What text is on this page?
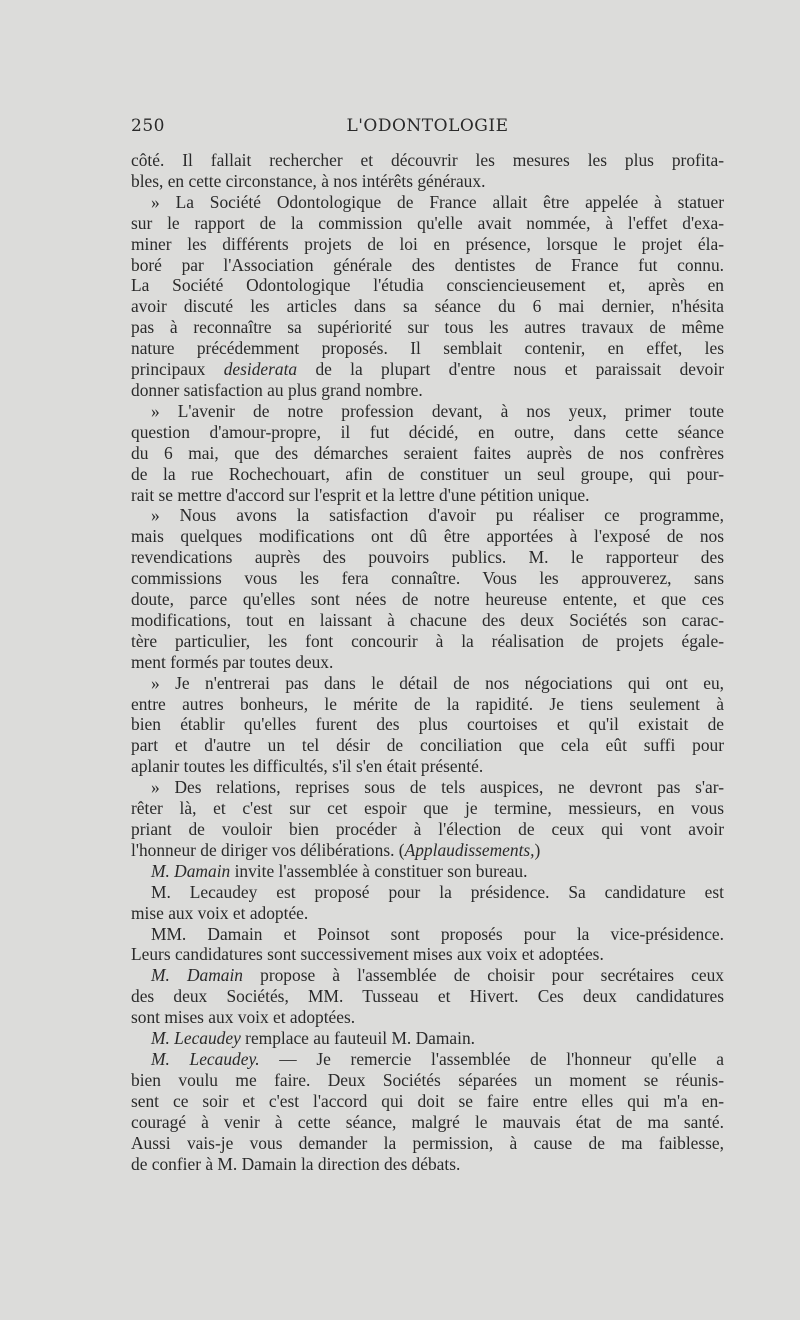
250	L'ODONTOLOGIE
côté. Il fallait rechercher et découvrir les mesures les plus profita-
bles, en cette circonstance, à nos intérêts généraux.
» La Société Odontologique de France allait être appelée à statuer
sur le rapport de la commission qu'elle avait nommée, à l'effet d'exa-
miner les différents projets de loi en présence, lorsque le projet éla-
boré par l'Association générale des dentistes de France fut connu.
La Société Odontologique l'étudia consciencieusement et, après en
avoir discuté les articles dans sa séance du 6 mai dernier, n'hésita
pas à reconnaître sa supériorité sur tous les autres travaux de même
nature précédemment proposés. Il semblait contenir, en effet, les
principaux desiderata de la plupart d'entre nous et paraissait devoir
donner satisfaction au plus grand nombre.
» L'avenir de notre profession devant, à nos yeux, primer toute
question d'amour-propre, il fut décidé, en outre, dans cette séance
du 6 mai, que des démarches seraient faites auprès de nos confrères
de la rue Rochechouart, afin de constituer un seul groupe, qui pour-
rait se mettre d'accord sur l'esprit et la lettre d'une pétition unique.
» Nous avons la satisfaction d'avoir pu réaliser ce programme,
mais quelques modifications ont dû être apportées à l'exposé de nos
revendications auprès des pouvoirs publics. M. le rapporteur des
commissions vous les fera connaître. Vous les approuverez, sans
doute, parce qu'elles sont nées de notre heureuse entente, et que ces
modifications, tout en laissant à chacune des deux Sociétés son carac-
tère particulier, les font concourir à la réalisation de projets égale-
ment formés par toutes deux.
» Je n'entrerai pas dans le détail de nos négociations qui ont eu,
entre autres bonheurs, le mérite de la rapidité. Je tiens seulement à
bien établir qu'elles furent des plus courtoises et qu'il existait de
part et d'autre un tel désir de conciliation que cela eût suffi pour
aplanir toutes les difficultés, s'il s'en était présenté.
» Des relations, reprises sous de tels auspices, ne devront pas s'ar-
rêter là, et c'est sur cet espoir que je termine, messieurs, en vous
priant de vouloir bien procéder à l'élection de ceux qui vont avoir
l'honneur de diriger vos délibérations. (Applaudissements,)
M. Damain invite l'assemblée à constituer son bureau.
M. Lecaudey est proposé pour la présidence. Sa candidature est
mise aux voix et adoptée.
MM. Damain et Poinsot sont proposés pour la vice-présidence.
Leurs candidatures sont successivement mises aux voix et adoptées.
M. Damain propose à l'assemblée de choisir pour secrétaires ceux
des deux Sociétés, MM. Tusseau et Hivert. Ces deux candidatures
sont mises aux voix et adoptées.
M. Lecaudey remplace au fauteuil M. Damain.
M. Lecaudey. — Je remercie l'assemblée de l'honneur qu'elle a
bien voulu me faire. Deux Sociétés séparées un moment se réunis-
sent ce soir et c'est l'accord qui doit se faire entre elles qui m'a en-
couragé à venir à cette séance, malgré le mauvais état de ma santé.
Aussi vais-je vous demander la permission, à cause de ma faiblesse,
de confier à M. Damain la direction des débats.
